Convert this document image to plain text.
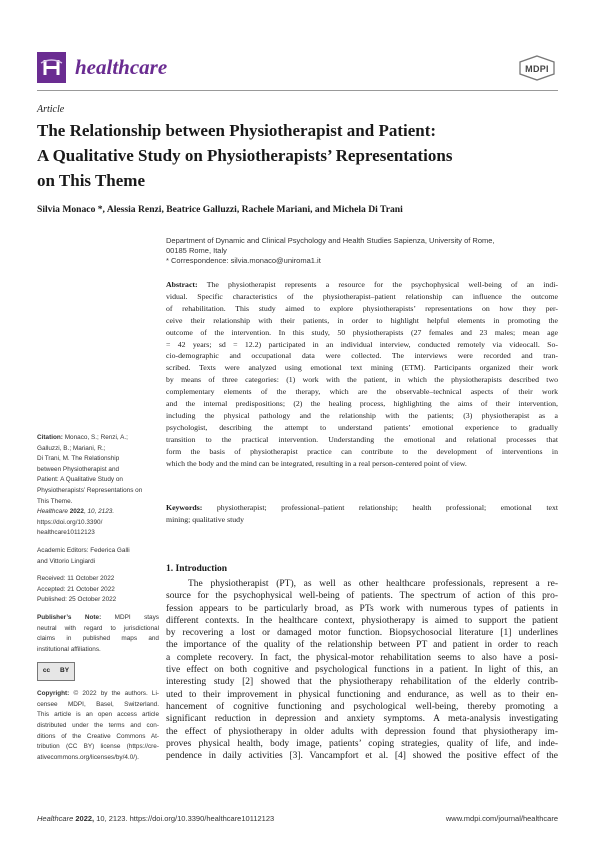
healthcare	MDPI
Article
The Relationship between Physiotherapist and Patient:
A Qualitative Study on Physiotherapists’ Representations
on This Theme
Silvia Monaco *, Alessia Renzi, Beatrice Galluzzi, Rachele Mariani, and Michela Di Trani
Department of Dynamic and Clinical Psychology and Health Studies Sapienza, University of Rome,
00185 Rome, Italy
* Correspondence: silvia.monaco@uniroma1.it
Abstract: The physiotherapist represents a resource for the psychophysical well-being of an indi-
vidual. Specific characteristics of the physiotherapist–patient relationship can influence the outcome
of rehabilitation. This study aimed to explore physiotherapists’ representations on how they per-
ceive their relationship with their patients, in order to highlight helpful elements in promoting the
outcome of the intervention. In this study, 50 physiotherapists (27 females and 23 males; mean age
= 42 years; sd = 12.2) participated in an individual interview, conducted remotely via videocall. So-
cio-demographic and occupational data were collected. The interviews were recorded and tran-
scribed. Texts were analyzed using emotional text mining (ETM). Participants organized their work
by means of three categories: (1) work with the patient, in which the physiotherapists described two
complementary elements of the therapy, which are the observable–technical aspects of their work
and the internal predispositions; (2) the healing process, highlighting the aims of their intervention,
including the physical pathology and the relationship with the patients; (3) physiotherapist as a
psychologist, describing the attempt to understand patients’ emotional experience to gradually
transition to the practical intervention. Understanding the emotional and relational processes that
form the basis of physiotherapist practice can contribute to the development of interventions in
which the body and the mind can be integrated, resulting in a real person-centered point of view.
Keywords: physiotherapist; professional–patient relationship; health professional; emotional text
mining; qualitative study
Citation: Monaco, S.; Renzi, A.;
Galluzzi, B.; Mariani, R.;
Di Trani, M. The Relationship
between Physiotherapist and
Patient: A Qualitative Study on
Physiotherapists’ Representations on
This Theme.
Healthcare 2022, 10, 2123.
https://doi.org/10.3390/
healthcare10112123
Academic Editors: Federica Galli
and Vittorio Lingiardi
Received: 11 October 2022
Accepted: 21 October 2022
Published: 25 October 2022
Publisher’s Note: MDPI stays
neutral with regard to jurisdictional
claims in published maps and
institutional affiliations.
cc BY
Copyright: © 2022 by the authors. Li-
censee MDPI, Basel, Switzerland.
This article is an open access article
distributed under the terms and con-
ditions of the Creative Commons At-
tribution (CC BY) license (https://cre-
ativecommons.org/licenses/by/4.0/).
1. Introduction
The physiotherapist (PT), as well as other healthcare professionals, represent a re-
source for the psychophysical well-being of patients. The spectrum of action of this pro-
fession appears to be particularly broad, as PTs work with numerous types of patients in
different contexts. In the healthcare context, physiotherapy is aimed to support the patient
by recovering a lost or damaged motor function. Biopsychosocial literature [1] underlines
the importance of the quality of the relationship between PT and patient in order to reach
a complete recovery. In fact, the physical-motor rehabilitation seems to also have a posi-
tive effect on both cognitive and psychological functions in a patient. In light of this, an
interesting study [2] showed that the physiotherapy rehabilitation of the elderly contrib-
uted to their improvement in physical functioning and endurance, as well as to their en-
hancement of cognitive functioning and psychological well-being, thereby promoting a
significant reduction in depression and anxiety symptoms. A meta-analysis investigating
the effect of physiotherapy in older adults with depression found that physiotherapy im-
proves physical health, body image, patients’ coping strategies, quality of life, and inde-
pendence in daily activities [3]. Vancampfort et al. [4] showed the positive effect of the
Healthcare 2022, 10, 2123. https://doi.org/10.3390/healthcare10112123	www.mdpi.com/journal/healthcare
